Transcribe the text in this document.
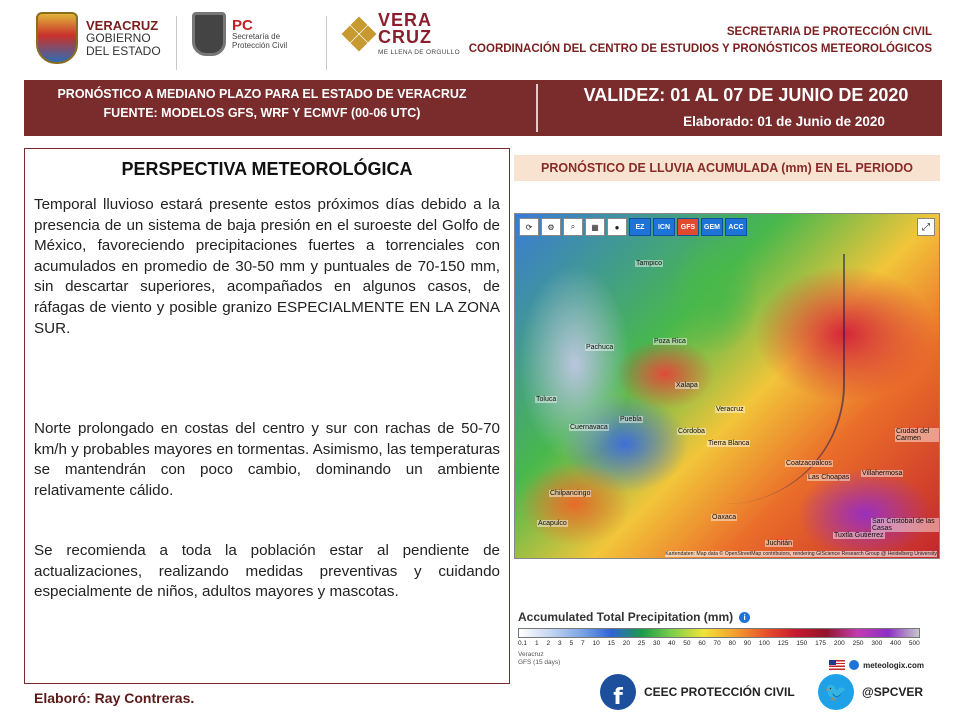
VERACRUZ
GOBIERNO
DEL ESTADO
PC
Secretaría de
Protección Civil
VERA
CRUZ
ME LLENA DE ORGULLO
SECRETARIA DE PROTECCIÓN CIVIL
COORDINACIÓN DEL CENTRO DE ESTUDIOS Y PRONÓSTICOS METEOROLÓGICOS
PRONÓSTICO A MEDIANO PLAZO PARA EL ESTADO DE VERACRUZ
FUENTE: MODELOS GFS, WRF Y ECMVF (00-06 UTC)
VALIDEZ: 01 AL 07 DE JUNIO DE 2020
Elaborado: 01 de Junio de 2020
PERSPECTIVA METEOROLÓGICA

Temporal lluvioso estará presente estos próximos días debido a la presencia de un sistema de baja presión en el suroeste del Golfo de México, favoreciendo precipitaciones fuertes a torrenciales con acumulados en promedio de 30-50 mm y puntuales de 70-150 mm, sin descartar superiores, acompañados en algunos casos, de ráfagas de viento y posible granizo ESPECIALMENTE EN LA ZONA SUR.

Norte prolongado en costas del centro y sur con rachas de 50-70 km/h y probables mayores en tormentas. Asimismo, las temperaturas se mantendrán con poco cambio, dominando un ambiente relativamente cálido.

Se recomienda a toda la población estar al pendiente de actualizaciones, realizando medidas preventivas y cuidando especialmente de niños, adultos mayores y mascotas.

Elaboró: Ray Contreras.
PRONÓSTICO DE LLUVIA ACUMULADA (mm) EN EL PERIODO
⟳	⚙	⌕	▦	●	EZ	ICN	GFS	GEM	ACC	⤢
Tampico
Poza Rica
Xalapa
Veracruz
Puebla
Córdoba
Tierra Blanca
Coatzacoalcos
Villahermosa
Las Choapas
Oaxaca
Acapulco
Chilpancingo
Cuernavaca
Toluca
Pachuca
Juchitán
Tuxtla Gutiérrez
Ciudad del Carmen
San Cristóbal de las Casas
Kartendaten: Map data © OpenStreetMap contributors, rendering GIScience Research Group @ Heidelberg University
Accumulated Total Precipitation (mm)	i
0.1 1 2 3 5 7 10 15 20 25 30 40 50 60 70 80 90 100 125 150 175 200 250 300 400 500
Veracruz
GFS (15 days)	meteologix.com
f	CEEC PROTECCIÓN CIVIL	🐦	@SPCVER
